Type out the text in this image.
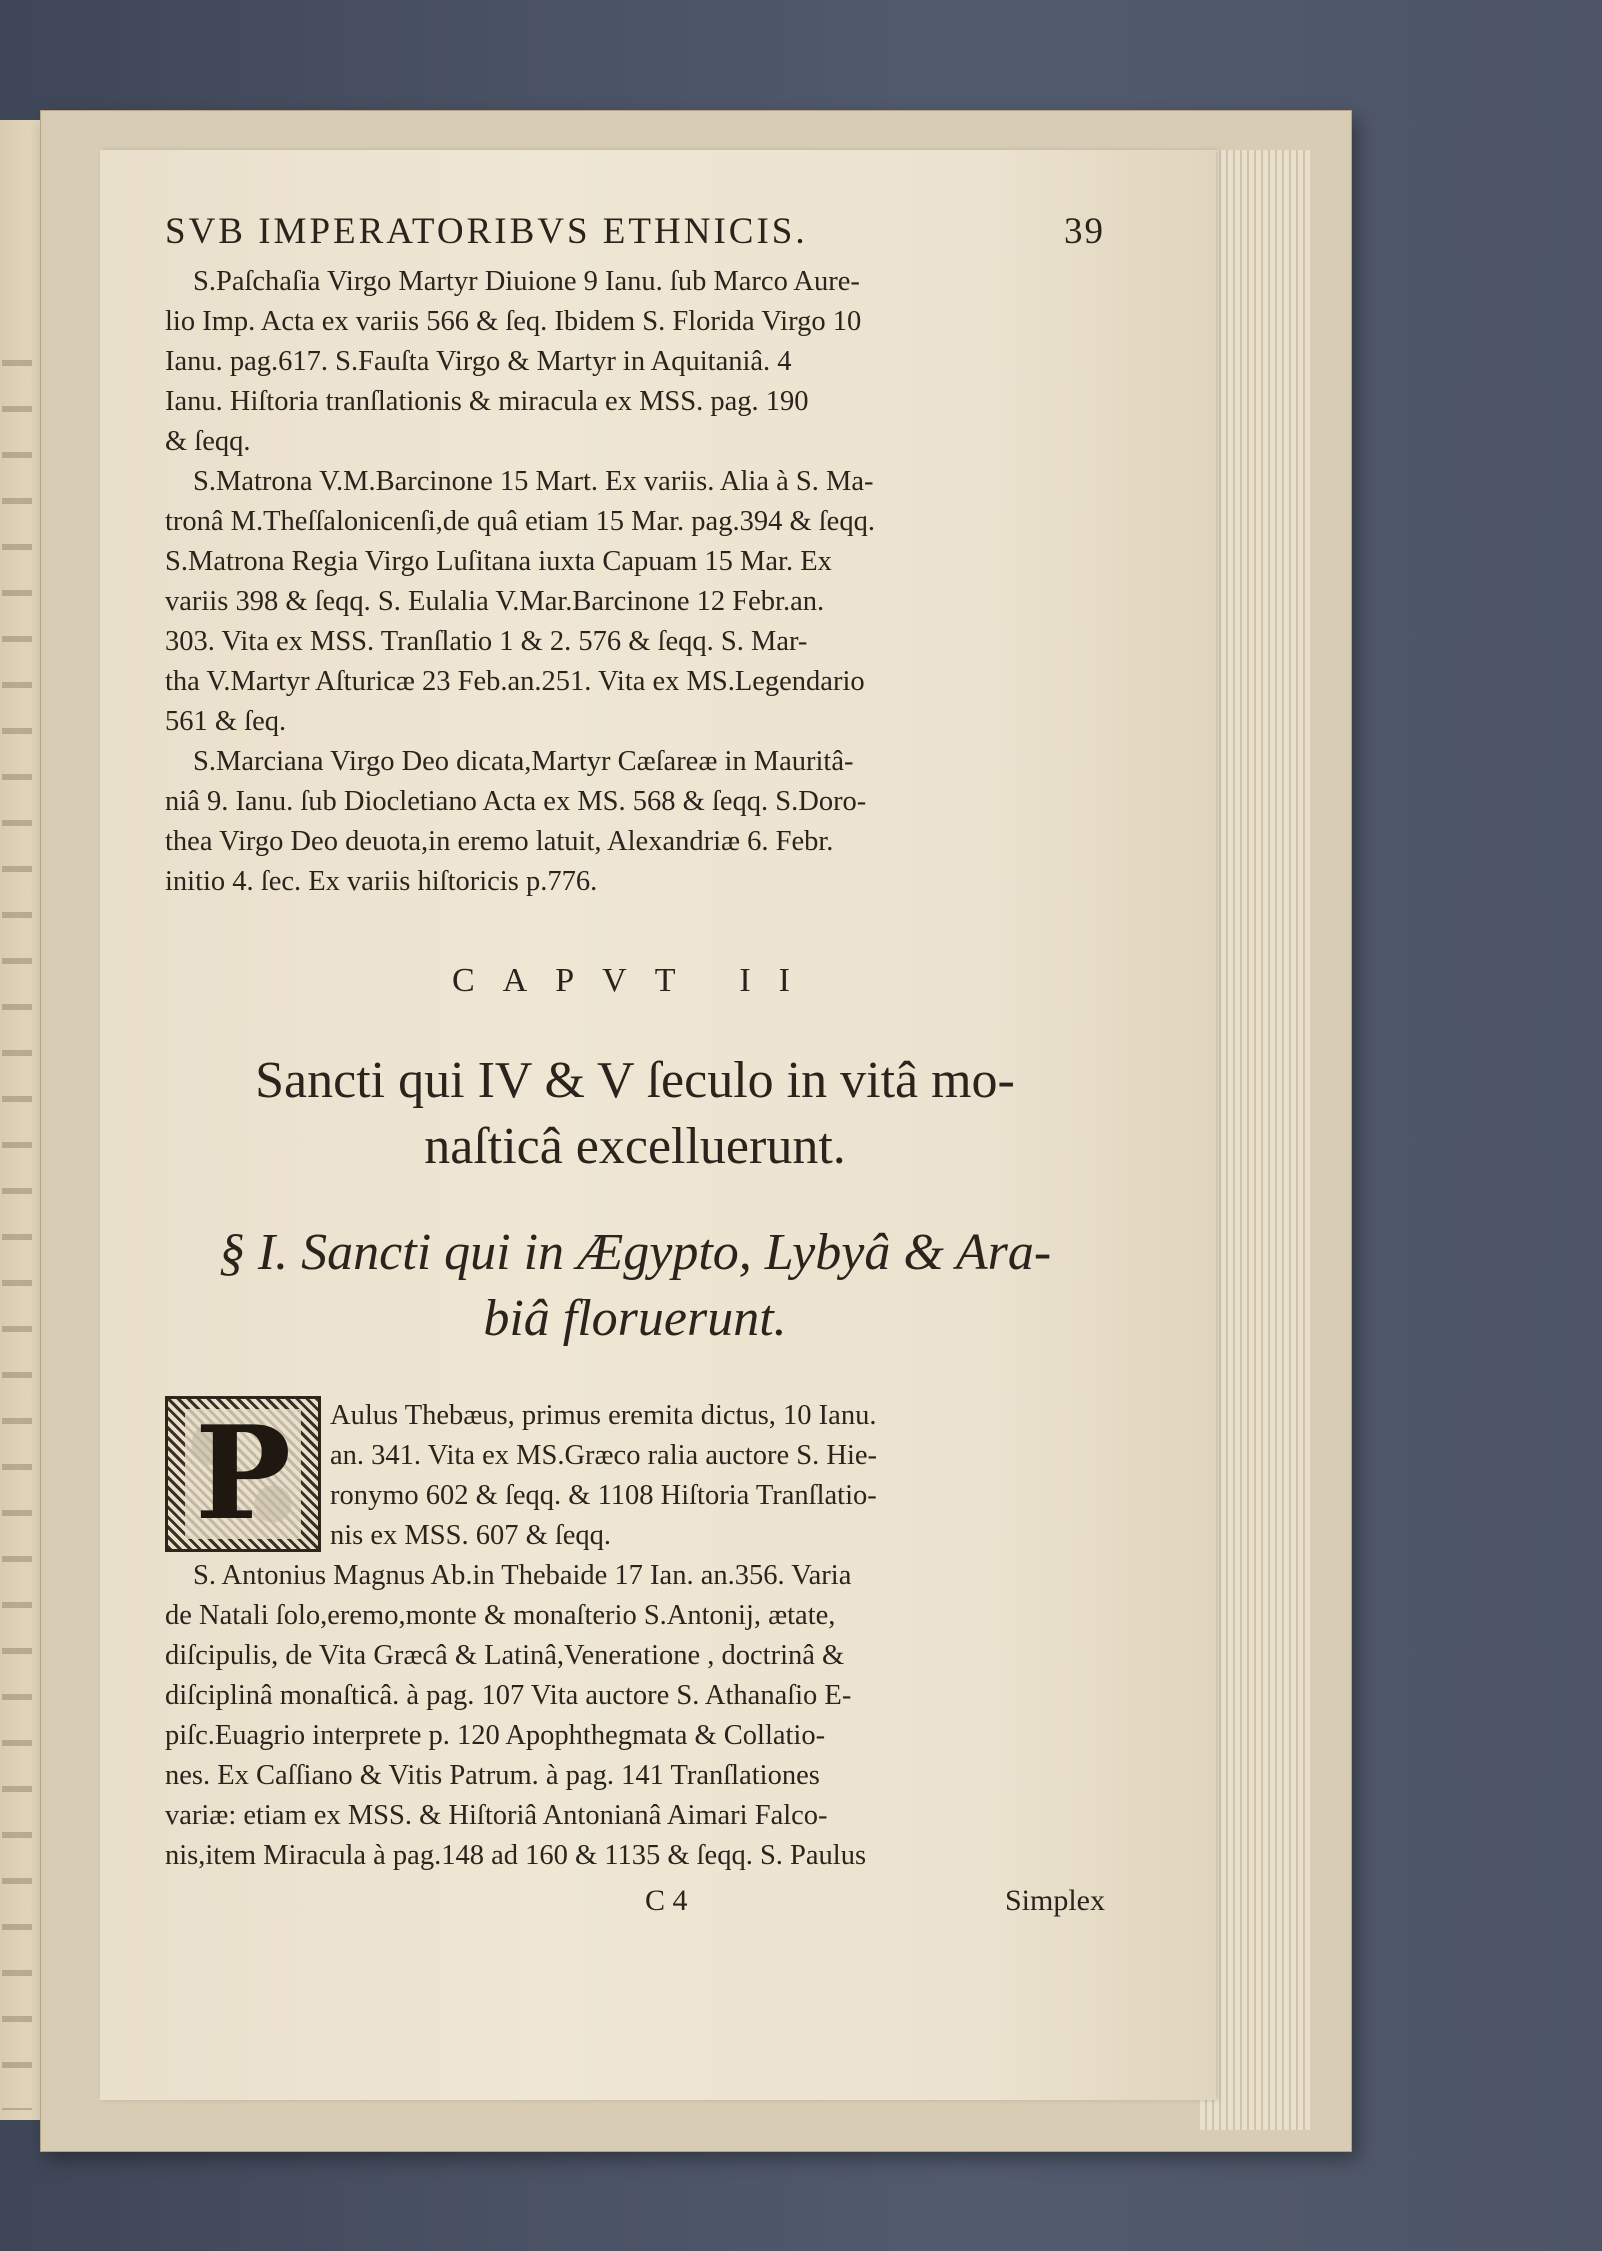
SVB IMPERATORIBVS ETHNICIS.	39
S.Paſchaſia Virgo Martyr Diuione 9 Ianu. ſub Marco Aure-
lio Imp. Acta ex variis 566 & ſeq. Ibidem S. Florida Virgo 10
Ianu. pag.617. S.Fauſta Virgo & Martyr in Aquitaniâ. 4
Ianu. Hiſtoria tranſlationis & miracula ex MSS. pag. 190
& ſeqq.
S.Matrona V.M.Barcinone 15 Mart. Ex variis. Alia à S. Ma-
tronâ M.Theſſalonicenſi,de quâ etiam 15 Mar. pag.394 & ſeqq.
S.Matrona Regia Virgo Luſitana iuxta Capuam 15 Mar. Ex
variis 398 & ſeqq. S. Eulalia V.Mar.Barcinone 12 Febr.an.
303. Vita ex MSS. Tranſlatio 1 & 2. 576 & ſeqq. S. Mar-
tha V.Martyr Aſturicæ 23 Feb.an.251. Vita ex MS.Legendario
561 & ſeq.
S.Marciana Virgo Deo dicata,Martyr Cæſareæ in Mauritâ-
niâ 9. Ianu. ſub Diocletiano Acta ex MS. 568 & ſeqq. S.Doro-
thea Virgo Deo deuota,in eremo latuit, Alexandriæ 6. Febr.
initio 4. ſec. Ex variis hiſtoricis p.776.
CAPVT II
Sancti qui IV & V ſeculo in vitâ mo-
naſticâ excelluerunt.
§ I. Sancti qui in Ægypto, Lybyâ & Ara-
biâ floruerunt.
P	Aulus Thebæus, primus eremita dictus, 10 Ianu.
an. 341. Vita ex MS.Græco ralia auctore S. Hie-
ronymo 602 & ſeqq. & 1108 Hiſtoria Tranſlatio-
nis ex MSS. 607 & ſeqq.
S. Antonius Magnus Ab.in Thebaide 17 Ian. an.356. Varia
de Natali ſolo,eremo,monte & monaſterio S.Antonij, ætate,
diſcipulis, de Vita Græcâ & Latinâ,Veneratione , doctrinâ &
diſciplinâ monaſticâ. à pag. 107 Vita auctore S. Athanaſio E-
piſc.Euagrio interprete p. 120 Apophthegmata & Collatio-
nes. Ex Caſſiano & Vitis Patrum. à pag. 141 Tranſlationes
variæ: etiam ex MSS. & Hiſtoriâ Antonianâ Aimari Falco-
nis,item Miracula à pag.148 ad 160 & 1135 & ſeqq. S. Paulus
C 4	Simplex
